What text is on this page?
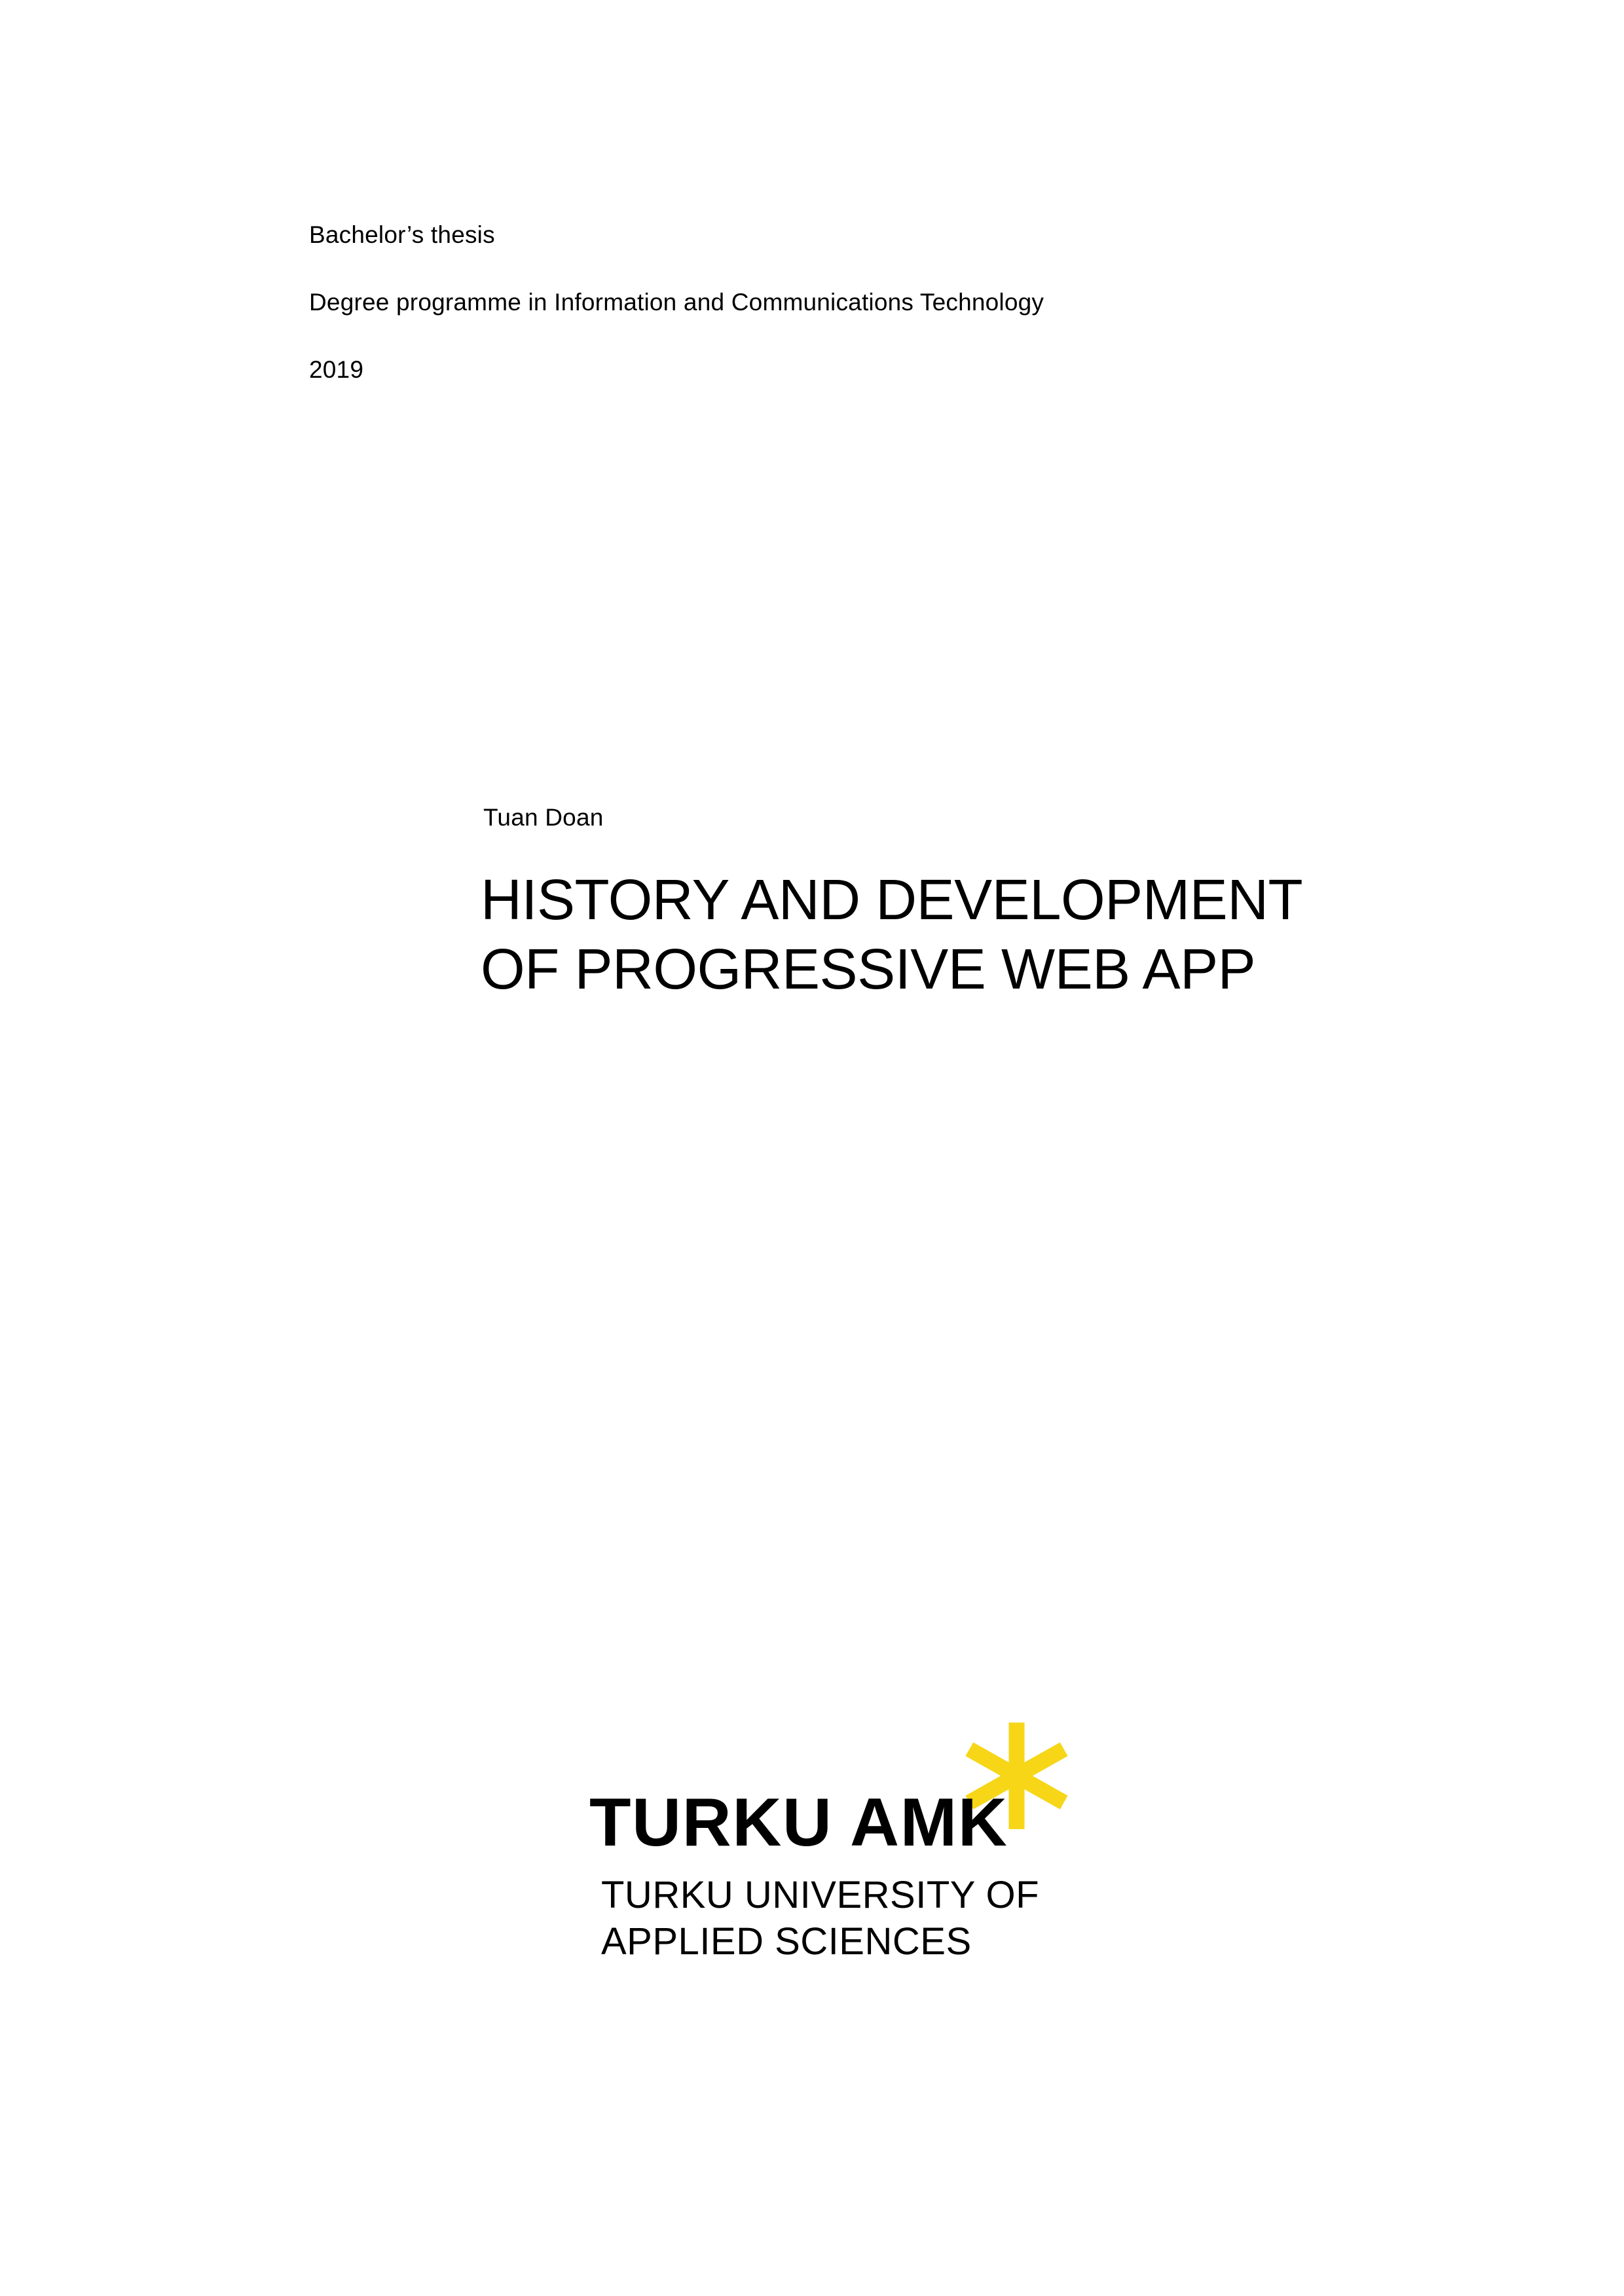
Bachelor’s thesis
Degree programme in Information and Communications Technology
2019
Tuan Doan
HISTORY AND DEVELOPMENT
OF PROGRESSIVE WEB APP
TURKU AMK
TURKU UNIVERSITY OF
APPLIED SCIENCES
